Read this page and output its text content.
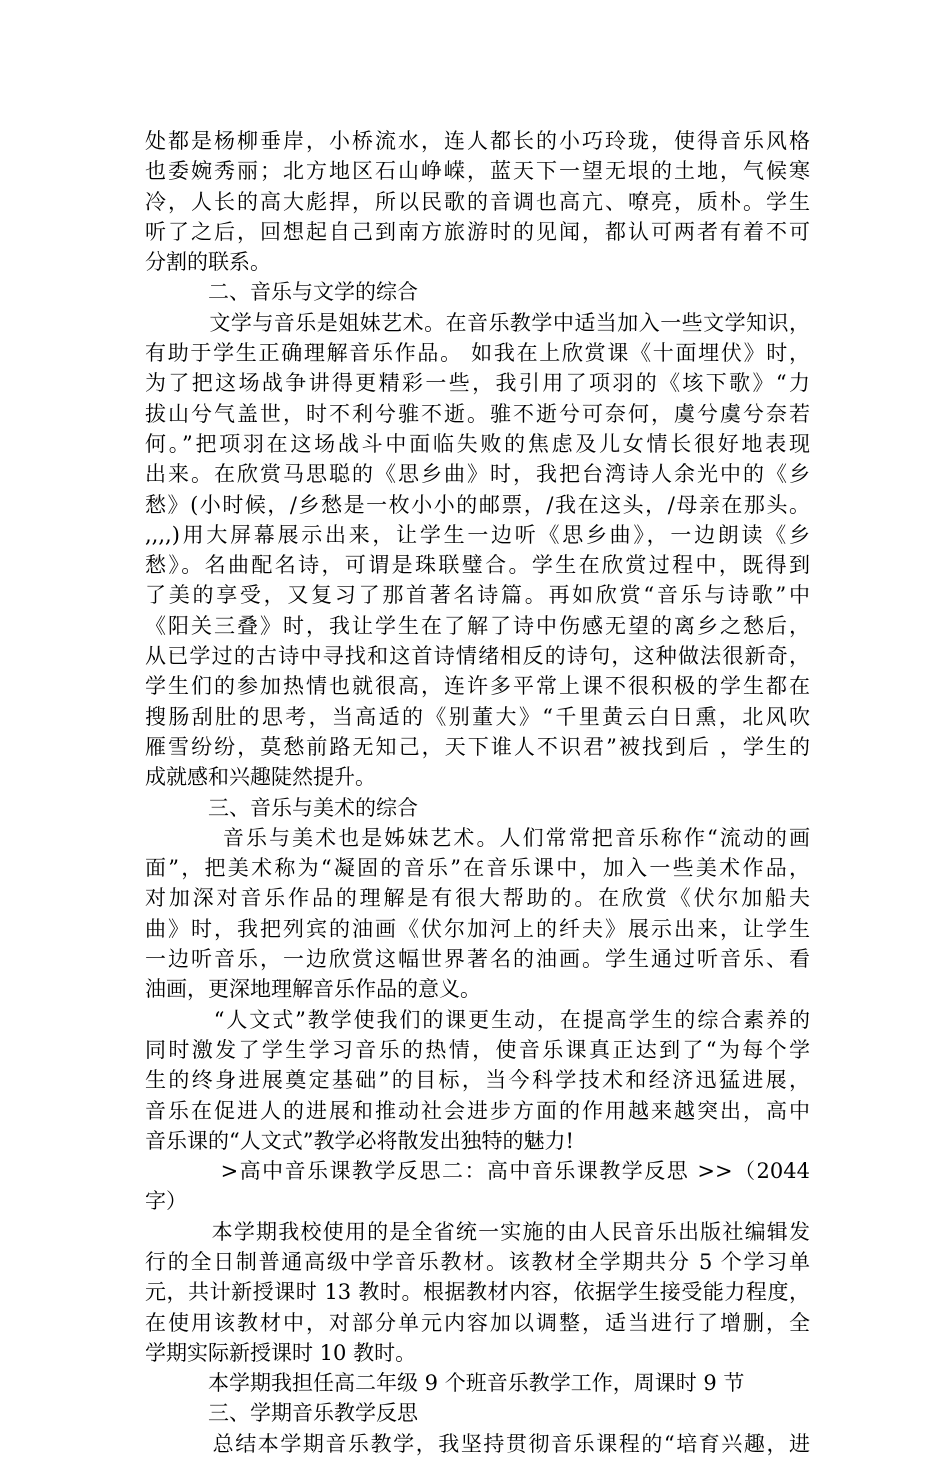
处都是杨柳垂岸，小桥流水，连人都长的小巧玲珑，使得音乐风格
也委婉秀丽；北方地区石山峥嵘，蓝天下一望无垠的土地，气候寒
冷，人长的高大彪捍，所以民歌的音调也高亢、嘹亮，质朴。学生
听了之后，回想起自己到南方旅游时的见闻，都认可两者有着不可
分割的联系。
　　　二、音乐与文学的综合
　　　文学与音乐是姐妹艺术。在音乐教学中适当加入一些文学知识，
有助于学生正确理解音乐作品。 如我在上欣赏课《十面埋伏》时，
为了把这场战争讲得更精彩一些，我引用了项羽的《垓下歌》“力
拔山兮气盖世，时不利兮骓不逝。骓不逝兮可奈何，虞兮虞兮奈若
何。”把项羽在这场战斗中面临失败的焦虑及儿女情长很好地表现
出来。在欣赏马思聪的《思乡曲》时，我把台湾诗人余光中的《乡
愁》(小时候，/乡愁是一枚小小的邮票，/我在这头，/母亲在那头。
,,,,)用大屏幕展示出来，让学生一边听《思乡曲》，一边朗读《乡
愁》。名曲配名诗，可谓是珠联璧合。学生在欣赏过程中，既得到
了美的享受，又复习了那首著名诗篇。再如欣赏“音乐与诗歌”中
《阳关三叠》时，我让学生在了解了诗中伤感无望的离乡之愁后，
从已学过的古诗中寻找和这首诗情绪相反的诗句，这种做法很新奇，
学生们的参加热情也就很高，连许多平常上课不很积极的学生都在
搜肠刮肚的思考，当高适的《别董大》“千里黄云白日熏，北风吹
雁雪纷纷，莫愁前路无知己，天下谁人不识君”被找到后 ，学生的
成就感和兴趣陡然提升。
　　　三、音乐与美术的综合
　　　 音乐与美术也是姊妹艺术。人们常常把音乐称作“流动的画
面”，把美术称为“凝固的音乐”在音乐课中，加入一些美术作品，
对加深对音乐作品的理解是有很大帮助的。在欣赏《伏尔加船夫
曲》时，我把列宾的油画《伏尔加河上的纤夫》展示出来，让学生
一边听音乐，一边欣赏这幅世界著名的油画。学生通过听音乐、看
油画，更深地理解音乐作品的意义。
　　　“人文式”教学使我们的课更生动，在提高学生的综合素养的
同时激发了学生学习音乐的热情，使音乐课真正达到了“为每个学
生的终身进展奠定基础”的目标，当今科学技术和经济迅猛进展，
音乐在促进人的进展和推动社会进步方面的作用越来越突出，高中
音乐课的“人文式”教学必将散发出独特的魅力!
　　　 >高中音乐课教学反思二：高中音乐课教学反思 >>（2044
字）
　　　本学期我校使用的是全省统一实施的由人民音乐出版社编辑发
行的全日制普通高级中学音乐教材。该教材全学期共分 5 个学习单
元，共计新授课时 13 教时。根据教材内容，依据学生接受能力程度，
在使用该教材中，对部分单元内容加以调整，适当进行了增删，全
学期实际新授课时 10 教时。
　　　本学期我担任高二年级 9 个班音乐教学工作，周课时 9 节
　　　三、学期音乐教学反思
　　　总结本学期音乐教学，我坚持贯彻音乐课程的“培育兴趣，进
